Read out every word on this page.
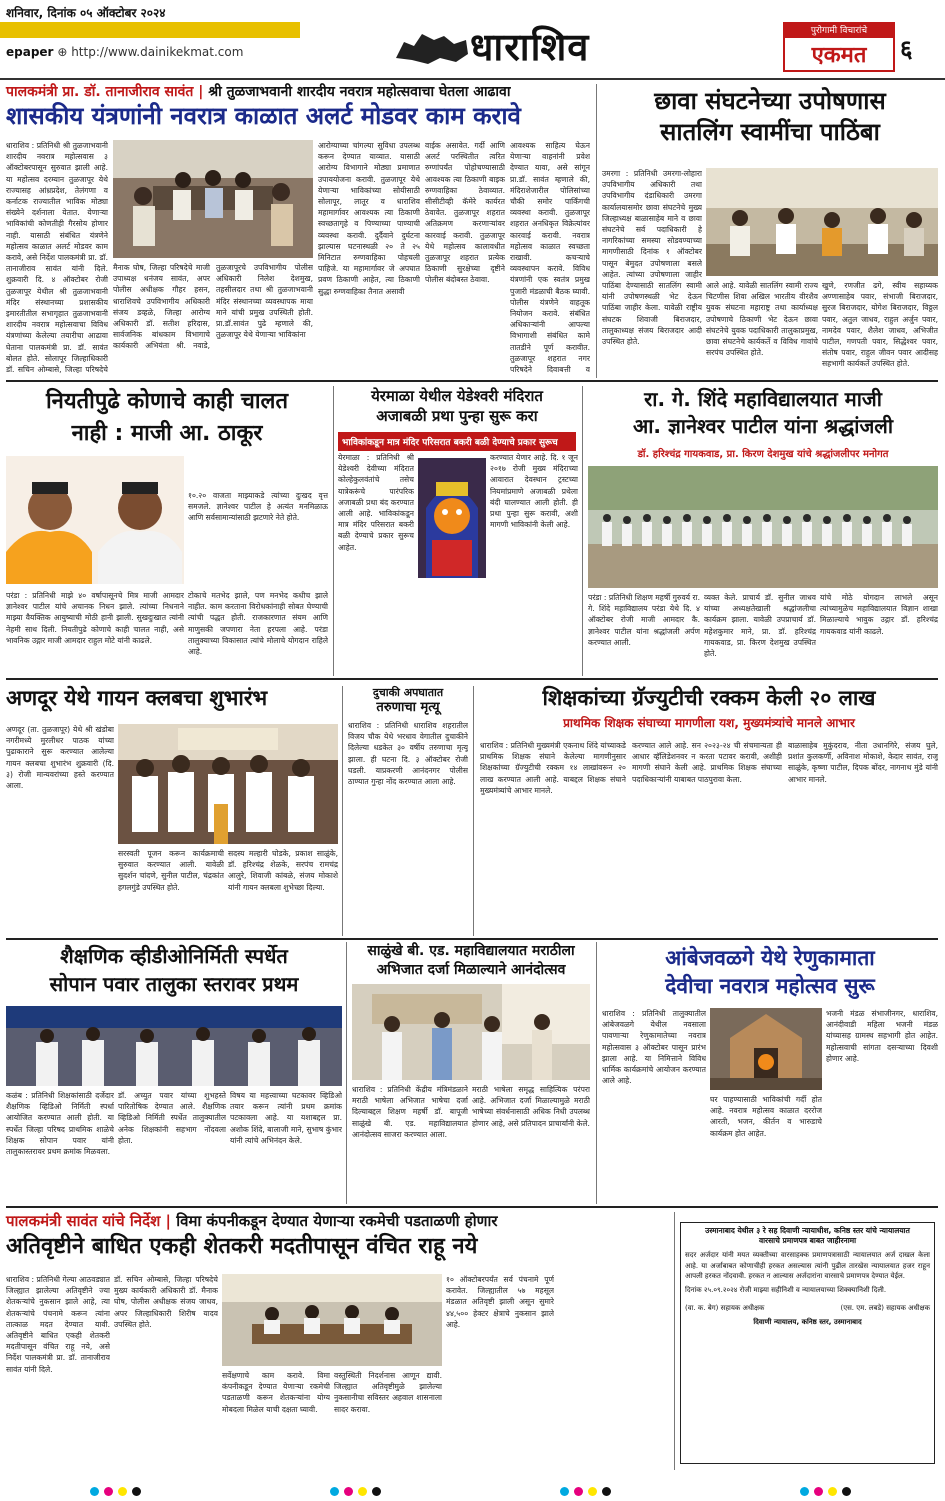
शनिवार, दिनांक ०५ ऑक्टोबर २०२४
epaper ⊕ http://www.dainikekmat.com	धाराशिव	पुरोगामी विचारांचे
एकमत	६
पालकमंत्री प्रा. डॉ. तानाजीराव सावंत | श्री तुळजाभवानी शारदीय नवरात्र महोत्सवाचा घेतला आढावा
शासकीय यंत्रणांनी नवरात्र काळात अलर्ट मोडवर काम करावे
धाराशिव : प्रतिनिधी श्री तुळजाभवानी शारदीय नवरात्र महोत्सवास ३ ऑक्टोबरपासून सुरुवात झाली आहे. या महोत्सव दरम्यान तुळजापूर येथे राज्यासह आंध्रप्रदेश, तेलंगणा व कर्नाटक राज्यातील भाविक मोठ्या संख्येने दर्शनाला येतात. येणाऱ्या भाविकांची कोणतीही गैरसोय होणार नाही. यासाठी संबंधित यंत्रणेने महोत्सव काळात अलर्ट मोडवर काम करावे, असे निर्देश पालकमंत्री प्रा. डॉ. तानाजीराव सावंत यांनी दिले. शुक्रवारी दि. ४ ऑक्टोबर रोजी तुळजापूर येथील श्री तुळजाभवानी मंदिर संस्थानच्या प्रशासकीय इमारतीतील सभागृहात तुळजाभवानी शारदीय नवरात्र महोत्सवाचा विविध यंत्रणांच्या केलेल्या तयारीचा आढावा घेताना पालकमंत्री प्रा. डॉ. सावंत बोलत होते. सोलापूर जिल्हाधिकारी डॉ. सचिन ओम्बासे, जिल्हा परिषदेचे
मैनाक घोष, जिल्हा परिषदेचे माजी उपाध्यक्ष धनंजय सावंत, अपर पोलीस अधीक्षक गौहर हसन, धाराशिवचे उपविभागीय अधिकारी संजय डव्हळे, जिल्हा आरोग्य अधिकारी डॉ. सतीश हरिदास, सार्वजनिक बांधकाम विभागाचे कार्यकारी अभियंता श्री. नवाडे, तुळजापूरचे उपविभागीय पोलीस अधिकारी निलेश देशमुख, तहसीलदार तथा श्री तुळजाभवानी मंदिर संस्थानच्या व्यवस्थापक माया माने यांची प्रमुख उपस्थिती होती. प्रा.डॉ.सावंत पुढे म्हणाले की, तुळजापूर येथे येणाऱ्या भाविकांना
आरोग्याच्या चांगल्या सुविधा उपलब्ध करून देण्यात याव्यात. यासाठी आरोग्य विभागाने मोठ्या प्रमाणात उपाययोजना करावी. तुळजापूर येथे येणाऱ्या भाविकांच्या सोयीसाठी सोलापूर, लातूर व धाराशिव महामार्गावर आवश्यक त्या ठिकाणी स्वच्छतागृहे व पिण्याच्या पाण्याची व्यवस्था करावी. दुर्दैवाने दुर्घटना झाल्यास घटनास्थळी २० ते २५ मिनिटात रुग्णवाहिका पोहचली पाहिजे. या महामार्गावर जे अपघात प्रवण ठिकाणी आहेत, त्या ठिकाणी सुद्धा रुग्णवाहिका तैनात असावी
वाईक असावेत. गर्दी आणि अलर्ट परस्थितीत त्वरित रुग्णांपर्यंत पोहोचण्यासाठी आवश्यक त्या ठिकाणी बाइक रुग्णवाहिका ठेवाव्यात. सीसीटीव्ही कॅमेरे कार्यरत ठेवावेत. तुळजापूर शहरात अतिक्रमण करणाऱ्यांवर कारवाई करावी. तुळजापूर येथे महोत्सव कालावधीत तुळजापूर शहरात प्रत्येक ठिकाणी सुरक्षेच्या दृष्टीने पोलीस बंदोबस्त ठेवावा.
आवश्यक साहित्य घेऊन येणाऱ्या वाहनांनी प्रवेश देण्यात यावा, असे सांगून प्रा.डॉ. सावंत म्हणाले की, मंदिराशेजारील पोलिसांच्या चौकी समोर पार्किंगची व्यवस्था करावी. तुळजापूर शहरात अनधिकृत विक्रेत्यांवर कारवाई करावी. नवरात्र महोत्सव काळात स्वच्छता राखावी. कचऱ्याचे व्यवस्थापन करावे. विविध यंत्रणांनी एक स्वतंत्र प्रमुख पुजारी मंडळाची बैठक घ्यावी. पोलीस यंत्रणेने वाहतूक नियोजन करावे. संबंधित अधिकाऱ्यांनी आपल्या विभागाशी संबंधित कामे तातडीने पूर्ण करावीत. तुळजापूर शहरात नगर परिषदेने दिवाबत्ती व
छावा संघटनेच्या उपोषणास
सातलिंग स्वामींचा पाठिंबा
उमरगा : प्रतिनिधी उमरगा-लोहारा उपविभागीय अधिकारी तथा उपविभागीय दंडाधिकारी उमरगा कार्यालयासमोर छावा संघटनेचे मुख्य जिल्हाध्यक्ष बाळासाहेब माने व छावा संघटनेचे सर्व पदाधिकारी हे नागरिकांच्या समस्या सोडवण्याच्या मागणीसाठी दिनांक १ ऑक्टोबर पासून बेमुदत उपोषणाला बसले आहेत. त्यांच्या उपोषणाला जाहीर पाठिंबा देण्यासाठी सातलिंग स्वामी यांनी उपोषणस्थळी भेट देऊन पाठिंबा जाहीर केला. यावेळी राष्ट्रीय संघटक शिवाजी बिराजदार, तालुकाध्यक्ष संजय बिराजदार आदी उपस्थित होते.
आले आहे. यावेळी सातलिंग स्वामी राज्य चिटणीस शिवा अखिल भारतीय वीरशैव युवक संघटना महाराष्ट्र तथा कार्याध्यक्ष उपोषणाचे ठिकाणी भेट देऊन छावा संघटनेचे युवक पदाधिकारी तालुकाप्रमुख, छावा संघटनेचे कार्यकर्ते व विविध गावांचे सरपंच उपस्थित होते.
खुणे, रणजीत ढगे, स्वीय सहाय्यक अण्णासाहेब पवार, संभाजी बिराजदार, सुरज बिराजदार, योगेश बिराजदार, विठ्ठल पवार, अतुल जाधव, राहुल अर्जुन पवार, नामदेव पवार, शैलेश जाधव, अभिजीत पाटील, गणपती पवार, सिद्धेश्वर पवार, संतोष पवार, राहुल जीवन पवार आदीसह सहभागी कार्यकर्ते उपस्थित होते.
नियतीपुढे कोणाचे काही चालत
नाही : माजी आ. ठाकूर
१०.२० वाजता माझ्याकडे त्यांच्या दुःखद वृत्त समजले. ज्ञानेश्वर पाटील हे अत्यंत मनमिळाऊ आणि सर्वसामान्यांसाठी झटणारे नेते होते.
परंडा : प्रतिनिधी माझे ४० वर्षापासूनचे मित्र माजी आमदार ज्ञानेश्वर पाटील यांचे अचानक निधन झाले. त्यांच्या निधनाने माझ्या वैयक्तिक आयुष्याची मोठी हानी झाली. सुखदुःखात त्यांनी नेहमी साथ दिली. नियतीपुढे कोणाचे काही चालत नाही, असे भावनिक उद्गार माजी आमदार राहुल मोटे यांनी काढले.
टोकाचे मतभेद झाले, पण मनभेद कधीच झाले नाहीत. काम करताना विरोधकांनाही सोबत घेण्याची त्यांची पद्धत होती. राजकारणात संयम आणि माणुसकी जपणारा नेता हरपला आहे. परंडा तालुक्याच्या विकासात त्यांचे मोलाचे योगदान राहिले आहे.
येरमाळा येथील येडेश्वरी मंदिरात
अजाबळी प्रथा पुन्हा सुरू करा
भाविकांकडून मात्र मंदिर परिसरात बकरी बळी देण्याचे प्रकार सुरूच
येरमाळा : प्रतिनिधी श्री येडेश्वरी देवीच्या मंदिरात कोल्हेकुलवंतांचे तसेच यात्रेकरूंचे पारंपरिक अजाबळी प्रथा बंद करण्यात आली आहे. भाविकांकडून मात्र मंदिर परिसरात बकरी बळी देण्याचे प्रकार सुरूच आहेत.
करण्यात येणार आहे. दि. १ जून २०१७ रोजी मुख्य मंदिराच्या आवारात देवस्थान ट्रस्टच्या नियमांप्रमाणे अजाबळी प्रथेला बंदी घालण्यात आली होती. ही प्रथा पुन्हा सुरू करावी, अशी मागणी भाविकांनी केली आहे.
रा. गे. शिंदे महाविद्यालयात माजी
आ. ज्ञानेश्वर पाटील यांना श्रद्धांजली
डॉ. हरिश्चंद्र गायकवाड, प्रा. किरण देशमुख यांचे श्रद्धांजलीपर मनोगत
परंडा : प्रतिनिधी शिक्षण महर्षी गुरुवर्य रा. गे. शिंदे महाविद्यालय परंडा येथे दि. ४ ऑक्टोबर रोजी माजी आमदार कै. ज्ञानेश्वर पाटील यांना श्रद्धांजली अर्पण करण्यात आली.
व्यक्त केले. प्राचार्य डॉ. सुनील जाधव यांच्या अध्यक्षतेखाली श्रद्धांजलीचा कार्यक्रम झाला. यावेळी उपप्राचार्य डॉ. महेशकुमार माने, प्रा. डॉ. हरिश्चंद्र गायकवाड, प्रा. किरण देशमुख उपस्थित होते.
यांचे मोठे योगदान लाभले असून त्यांच्यामुळेच महाविद्यालयात विज्ञान शाखा मिळाल्याचे भावुक उद्गार डॉ. हरिश्चंद्र गायकवाड यांनी काढले.
अणदूर येथे गायन क्लबचा शुभारंभ
अणदूर (ता. तुळजापूर) येथे श्री खंडोबा नगरीमध्ये मुरलीधर पाठक यांच्या पुढाकाराने सुरू करण्यात आलेल्या गायन क्लबचा शुभारंभ शुक्रवारी (दि. ३) रोजी मान्यवरांच्या हस्ते करण्यात आला.
सरस्वती पूजन करून कार्यक्रमाची सुरुवात करण्यात आली. यावेळी सुदर्शन चांदणे, सुनील पाटील, चंद्रकांत हगलगुंडे उपस्थित होते.
सदस्य मल्हारी घोडके, प्रकाश साळुंके, डॉ. हरिश्चंद्र शेळके, सरपंच रामचंद्र आलुरे, शिवाजी कांबळे, संजय मोकाशे यांनी गायन क्लबला शुभेच्छा दिल्या.
दुचाकी अपघातात
तरुणाचा मृत्यू
धाराशिव : प्रतिनिधी धाराशिव शहरातील विजय चौक येथे भरधाव वेगातील दुचाकीने दिलेल्या धडकेत ३० वर्षीय तरुणाचा मृत्यू झाला. ही घटना दि. ३ ऑक्टोबर रोजी घडली. याप्रकरणी आनंदनगर पोलीस ठाण्यात गुन्हा नोंद करण्यात आला आहे.
शिक्षकांच्या ग्रॅज्युटीची रक्कम केली २० लाख
प्राथमिक शिक्षक संघाच्या मागणीला यश, मुख्यमंत्र्यांचे मानले आभार
धाराशिव : प्रतिनिधी मुख्यमंत्री एकनाथ शिंदे यांच्याकडे प्राथमिक शिक्षक संघाने केलेल्या मागणीनुसार शिक्षकांच्या ग्रॅज्युटीची रक्कम १४ लाखांवरून २० लाख करण्यात आली आहे. याबद्दल शिक्षक संघाने मुख्यमंत्र्यांचे आभार मानले.
करण्यात आले आहे. सन २०२३-२४ ची संचमान्यता ही आधार व्हॅलिडेशनवर न करता पटावर करावी, अशीही मागणी संघाने केली आहे. प्राथमिक शिक्षक संघाच्या पदाधिकाऱ्यांनी याबाबत पाठपुरावा केला.
बाळासाहेब मुकुंदराव, नीता उधानगिरे, संजय घुले, प्रशांत कुलकर्णी, अविनाश मोकाशे, केदार सावंत, राजू साळुंके, कृष्णा पाटील, दिपक बोंदर, नागनाथ मुंडे यांनी आभार मानले.
शैक्षणिक व्हीडीओनिर्मिती स्पर्धेत
सोपान पवार तालुका स्तरावर प्रथम
कळंब : प्रतिनिधी शिक्षकांसाठी दर्जेदार शैक्षणिक व्हिडिओ निर्मिती स्पर्धा आयोजित करण्यात आली होती. या स्पर्धेत जिल्हा परिषद प्राथमिक शाळेचे शिक्षक सोपान पवार यांनी तालुकास्तरावर प्रथम क्रमांक मिळवला.
डॉ. अच्युत पवार यांच्या शुभहस्ते पारितोषिक देण्यात आले. शैक्षणिक व्हिडिओ निर्मिती स्पर्धेत तालुक्यातील अनेक शिक्षकांनी सहभाग नोंदवला होता.
विषय या महत्त्वाच्या घटकावर व्हिडिओ तयार करून त्यांनी प्रथम क्रमांक पटकावला आहे. या यशाबद्दल प्रा. अशोक शिंदे, बालाजी माने, सुभाष कुंभार यांनी त्यांचे अभिनंदन केले.
साळुंखे बी. एड. महाविद्यालयात मराठीला
अभिजात दर्जा मिळाल्याने आनंदोत्सव
धाराशिव : प्रतिनिधी केंद्रीय मंत्रिमंडळाने मराठी भाषेला अभिजात भाषेचा दर्जा दिल्याबद्दल शिक्षण महर्षी डॉ. बापूजी साळुंखे बी. एड. महाविद्यालयात आनंदोत्सव साजरा करण्यात आला.
मराठी भाषेला समृद्ध साहित्यिक परंपरा आहे. अभिजात दर्जा मिळाल्यामुळे मराठी भाषेच्या संवर्धनासाठी अधिक निधी उपलब्ध होणार आहे, असे प्रतिपादन प्राचार्यांनी केले.
आंबेजवळगे येथे रेणुकामाता
देवीचा नवरात्र महोत्सव सुरू
धाराशिव : प्रतिनिधी तालुक्यातील आंबेजवळगे येथील नवसाला पावणाऱ्या रेणुकामातेच्या नवरात्र महोत्सवास ३ ऑक्टोबर पासून प्रारंभ झाला आहे. या निमित्ताने विविध धार्मिक कार्यक्रमांचे आयोजन करण्यात आले आहे.
घर पाहण्यासाठी भाविकांची गर्दी होत आहे. नवरात्र महोत्सव काळात दररोज आरती, भजन, कीर्तन व भारुडाचे कार्यक्रम होत आहेत.
भजनी मंडळ संभाजीनगर, धाराशिव, आनंदीवाडी महिला भजनी मंडळ यांच्यासह ग्रामस्थ सहभागी होत आहेत. महोत्सवाची सांगता दसऱ्याच्या दिवशी होणार आहे.
पालकमंत्री सावंत यांचे निर्देश | विमा कंपनीकडून देण्यात येणाऱ्या रकमेची पडताळणी होणार
अतिवृष्टीने बाधित एकही शेतकरी मदतीपासून वंचित राहू नये
धाराशिव : प्रतिनिधी गेल्या आठवड्यात जिल्ह्यात झालेल्या अतिवृष्टीने ज्या शेतकऱ्यांचे नुकसान झाले आहे, त्या शेतकऱ्यांचे पंचनामे करून त्यांना तात्काळ मदत देण्यात यावी. अतिवृष्टीने बाधित एकही शेतकरी मदतीपासून वंचित राहू नये, असे निर्देश पालकमंत्री प्रा. डॉ. तानाजीराव सावंत यांनी दिले.
डॉ. सचिन ओम्बासे, जिल्हा परिषदेचे मुख्य कार्यकारी अधिकारी डॉ. मैनाक घोष, पोलीस अधीक्षक संजय जाधव, अपर जिल्हाधिकारी शिरीष यादव उपस्थित होते.
सर्वेक्षणाचे काम करावे. विमा कंपनीकडून देण्यात येणाऱ्या रकमेची पडताळणी करून शेतकऱ्यांना योग्य मोबदला मिळेल याची दक्षता घ्यावी.
वस्तुस्थिती निदर्शनास आणून द्यावी. जिल्ह्यात अतिवृष्टीमुळे झालेल्या नुकसानीचा सविस्तर अहवाल शासनाला सादर करावा.
१० ऑक्टोबरपर्यंत सर्व पंचनामे पूर्ण करावेत. जिल्ह्यातील ५७ महसूल मंडळात अतिवृष्टी झाली असून सुमारे ४४,५०० हेक्टर क्षेत्राचे नुकसान झाले आहे.
उस्मानाबाद येथील ३ रे सह दिवाणी न्यायाधीश, कनिष्ठ स्तर यांचे न्यायालयात
वारसाचे प्रमाणपत्र बाबत जाहीरनामा
सदर अर्जदार यांनी मयत व्यक्तीच्या वारसाहक्क प्रमाणपत्रासाठी न्यायालयात अर्ज दाखल केला आहे. या अर्जाबाबत कोणाचीही हरकत असल्यास त्यांनी पुढील तारखेस न्यायालयात हजर राहून आपली हरकत नोंदवावी. हरकत न आल्यास अर्जदारांना वारसाचे प्रमाणपत्र देण्यात येईल.
दिनांक २५.०९.२०२४ रोजी माझ्या सहीनिशी व न्यायालयाच्या शिक्क्यानिशी दिली.
(वा. क. बेग) सहायक अधीक्षक	(एस. एम. लबडे) सहायक अधीक्षक
दिवाणी न्यायालय, कनिष्ठ स्तर, उस्मानाबाद
